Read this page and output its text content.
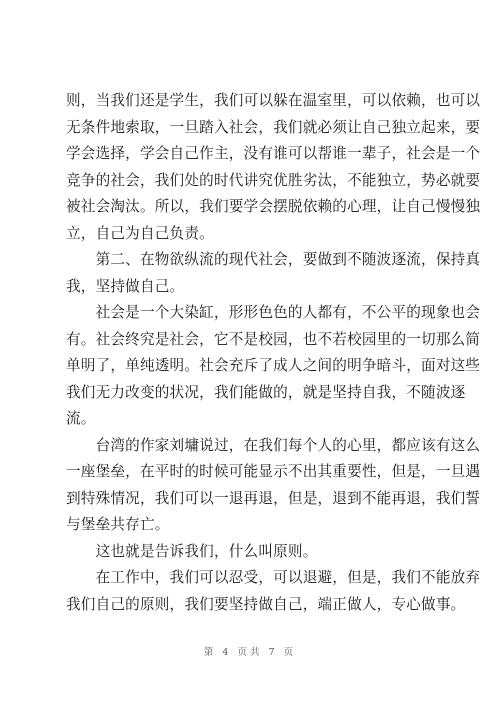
则，当我们还是学生，我们可以躲在温室里，可以依赖，也可以
无条件地索取，一旦踏入社会，我们就必须让自己独立起来，要
学会选择，学会自己作主，没有谁可以帮谁一辈子，社会是一个
竞争的社会，我们处的时代讲究优胜劣汰，不能独立，势必就要
被社会淘汰。所以，我们要学会摆脱依赖的心理，让自己慢慢独
立，自己为自己负责。
　　第二、在物欲纵流的现代社会，要做到不随波逐流，保持真
我，坚持做自己。
　　社会是一个大染缸，形形色色的人都有，不公平的现象也会
有。社会终究是社会，它不是校园，也不若校园里的一切那么简
单明了，单纯透明。社会充斥了成人之间的明争暗斗，面对这些
我们无力改变的状况，我们能做的，就是坚持自我，不随波逐
流。
　　台湾的作家刘墉说过，在我们每个人的心里，都应该有这么
一座堡垒，在平时的时候可能显示不出其重要性，但是，一旦遇
到特殊情况，我们可以一退再退，但是，退到不能再退，我们誓
与堡垒共存亡。
　　这也就是告诉我们，什么叫原则。
　　在工作中，我们可以忍受，可以退避，但是，我们不能放弃
我们自己的原则，我们要坚持做自己，端正做人，专心做事。
第 4 页共 7 页
